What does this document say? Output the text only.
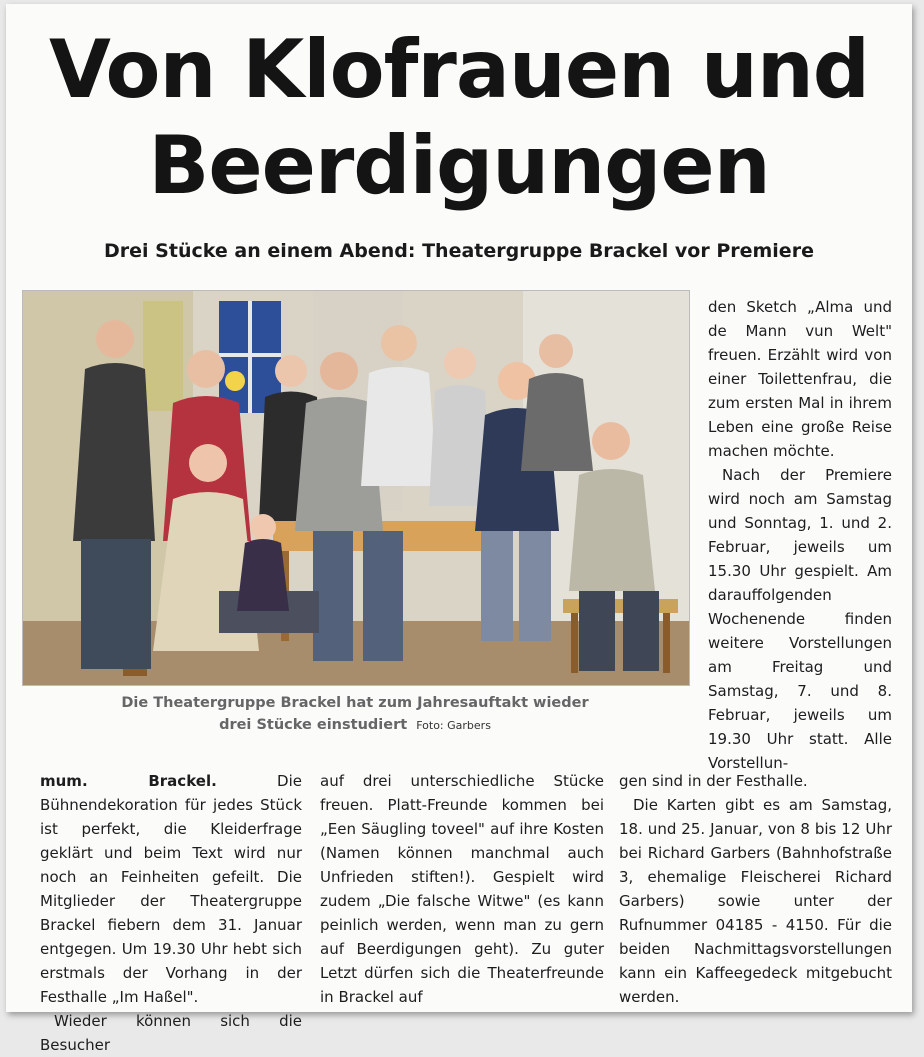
Von Klofrauen und
Beerdigungen
Drei Stücke an einem Abend: Theatergruppe Brackel vor Premiere
Die Theatergruppe Brackel hat zum Jahresauftakt wieder
drei Stücke einstudiert Foto: Garbers

den Sketch „Alma und de Mann vun Welt" freuen. Erzählt wird von einer Toilettenfrau, die zum ersten Mal in ihrem Leben eine große Reise machen möchte.

Nach der Premiere wird noch am Samstag und Sonntag, 1. und 2. Februar, jeweils um 15.30 Uhr gespielt. Am darauffolgenden Wochenende finden weitere Vorstellungen am Freitag und Samstag, 7. und 8. Februar, jeweils um 19.30 Uhr statt. Alle Vorstellun-

mum. Brackel. Die Bühnendekoration für jedes Stück ist perfekt, die Kleiderfrage geklärt und beim Text wird nur noch an Feinheiten gefeilt. Die Mitglieder der Theatergruppe Brackel fiebern dem 31. Januar entgegen. Um 19.30 Uhr hebt sich erstmals der Vorhang in der Festhalle „Im Haßel".

Wieder können sich die Besucher

auf drei unterschiedliche Stücke freuen. Platt-Freunde kommen bei „Een Säugling toveel" auf ihre Kosten (Namen können manchmal auch Unfrieden stiften!). Gespielt wird zudem „Die falsche Witwe" (es kann peinlich werden, wenn man zu gern auf Beerdigungen geht). Zu guter Letzt dürfen sich die Theaterfreunde in Brackel auf

gen sind in der Festhalle.

Die Karten gibt es am Samstag, 18. und 25. Januar, von 8 bis 12 Uhr bei Richard Garbers (Bahnhofstraße 3, ehemalige Fleischerei Richard Garbers) sowie unter der Rufnummer 04185 - 4150. Für die beiden Nachmittagsvorstellungen kann ein Kaffeegedeck mitgebucht werden.
